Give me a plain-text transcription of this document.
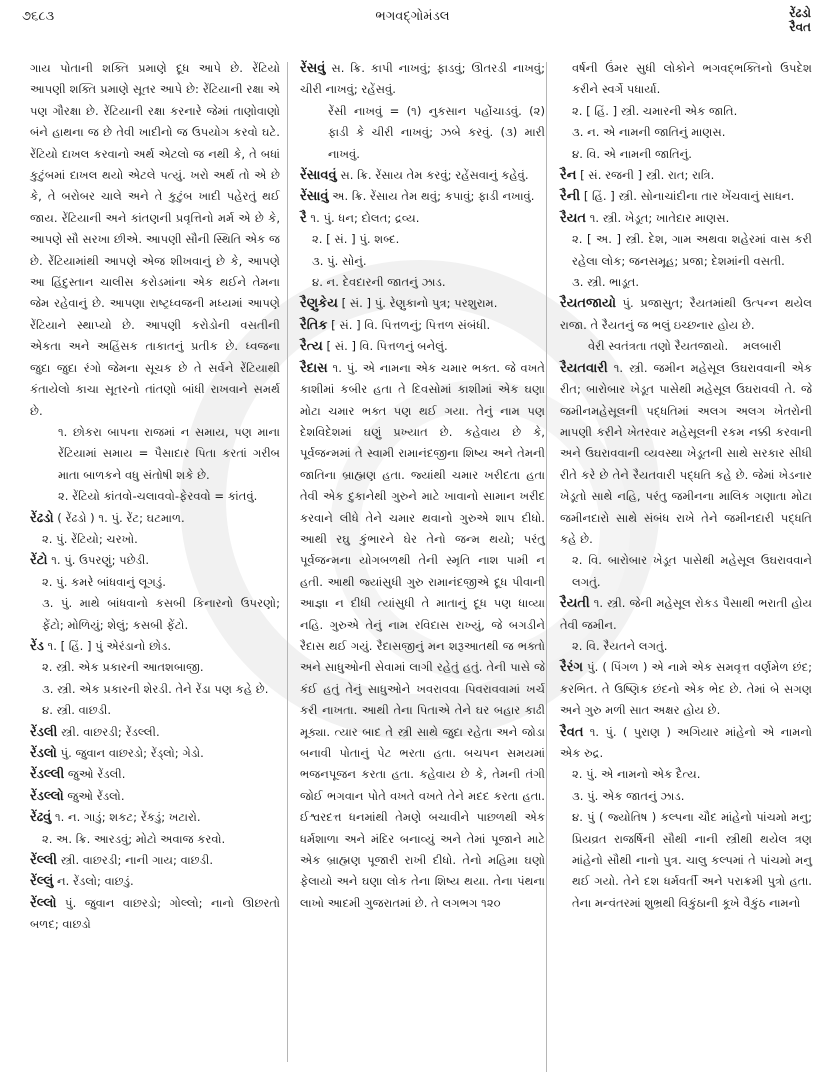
૭૬૮૩	ભગવદ્ગોમંડલ	રેંઢડો
રૈવત

ગાય પોતાની શક્તિ પ્રમાણે દૂધ આપે છે. રેંટિયો આપણી શક્તિ પ્રમાણે સૂતર આપે છે: રેંટિયાની રક્ષા એ પણ ગૌરક્ષા છે. રેંટિયાની રક્ષા કરનારે જેમાં તાણોવાણો બંને હાથના જ છે તેવી ખાદીનો જ ઉપયોગ કરવો ઘટે. રેંટિયો દાખલ કરવાનો અર્થ એટલો જ નથી કે, તે બધાં કુટુંબમાં દાખલ થયો એટલે પત્યું. ખરો અર્થ તો એ છે કે, તે બરોબર ચાલે અને તે કુટુંબ ખાદી પહેરતું થઈ જાય. રેંટિયાની અને કાંતણની પ્રવૃત્તિનો મર્મ એ છે કે, આપણે સૌ સરખા છીએ. આપણી સૌની સ્થિતિ એક જ છે. રેંટિયામાંથી આપણે એજ શીખવાનું છે કે, આપણે આ હિંદુસ્તાન ચાલીસ કરોડમાંના એક થઈને તેમના જેમ રહેવાનું છે. આપણા રાષ્ટ્રધ્વજની મધ્યમાં આપણે રેંટિયાને સ્થાપ્યો છે. આપણી કરોડોની વસતીની એકતા અને અહિંસક તાકાતનું પ્રતીક છે. ધ્વજના જુદા જુદા રંગો જેમના સૂચક છે તે સર્વને રેંટિયાથી કંતાયેલો કાચા સૂતરનો તાંતણો બાંધી રાખવાને સમર્થ છે.

૧. છોકરા બાપના રાજમાં ન સમાય, પણ માના રેંટિયામાં સમાય = પૈસાદાર પિતા કરતાં ગરીબ માતા બાળકને વધુ સંતોષી શકે છે.

૨. રેંટિયો કાંતવો-ચલાવવો-ફેરવવો = કાંતવું.

રેંઢડો ( રેંઢડો ) ૧. પું. રેંટ; ઘટમાળ.
૨. પું. રેંટિયો; ચરખો.
રેંટો ૧. પું. ઉપરણું; પછેડી.
૨. પું. કમરે બાંધવાનું લૂગડું.
૩. પું. માથે બાંધવાનો કસબી કિનારનો ઉપરણો; ફેંટો; મોળિયું; શેલું; કસબી ફેંટો.
રેંડ ૧. [ હિં. ] પું એરંડાનો છોડ.
૨. સ્ત્રી. એક પ્રકારની આતશબાજી.
૩. સ્ત્રી. એક પ્રકારની શેરડી. તેને રેંડા પણ કહે છે.
૪. સ્ત્રી. વાછડી.
રેંડલી સ્ત્રી. વાછરડી; રેંડલ્લી.
રેંડલો પું. જુવાન વાછરડો; રેંડ્લો; ગેડો.
રેંડલ્લી જુઓ રેંડલી.
રેંડલ્લો જુઓ રેંડલો.
રેંઢવું ૧. ન. ગાડું; શકટ; રેંકડું; ખટારો.
૨. અ. ક્રિ. આરડવું; મોટો અવાજ કરવો.
રેંલ્લી સ્ત્રી. વાછરડી; નાની ગાય; વાછડી.
રેંલ્લું ન. રેંડલો; વાછડું.
રેંલ્લો પું. જુવાન વાછરડો; ગોલ્લો; નાનો ઊછરતો બળદ; વાછડો
રેંસવું સ. ક્રિ. કાપી નાખવું; ફાડવું; ઊતરડી નાખવું; ચીરી નાખવું; રહેંસવું.
રેંસી નાખવું = (૧) નુકસાન પહોંચાડવું. (૨) ફાડી કે ચીરી નાખવું; ઝબે કરવું. (૩) મારી નાખવું.
રેંસાવવું સ. ક્રિ. રેંસાય તેમ કરવું; રહેંસવાનું કહેવું.
રેંસાવું અ. ક્રિ. રેંસાય તેમ થવું; કપાવું; ફાડી નખાવું.
રૈ ૧. પું. ધન; દોલત; દ્રવ્ય.
૨. [ સં. ] પું. શબ્દ.
૩. પું. સોનું.
૪. ન. દેવદારની જાતનું ઝાડ.
રૈણુકેય [ સં. ] પું. રેણુકાનો પુત્ર; પરશુરામ.
રૈતિક [ સં. ] વિ. પિત્તળનું; પિત્તળ સંબંધી.
રૈત્ય [ સં. ] વિ. પિત્તળનું બનેલું.
રૈદાસ ૧. પું. એ નામના એક ચમાર ભક્ત. જે વખતે કાશીમાં કબીર હતા તે દિવસોમાં કાશીમાં એક ઘણા મોટા ચમાર ભક્ત પણ થઈ ગયા. તેનું નામ પણ દેશવિદેશમાં ઘણું પ્રખ્યાત છે. કહેવાય છે કે, પૂર્વજન્મમાં તે સ્વામી રામાનંદજીના શિષ્ય અને તેમની જાતિના બ્રાહ્મણ હતા. જ્યાંથી ચમાર ખરીદતા હતા તેવી એક દુકાનેથી ગુરુને માટે ખાવાનો સામાન ખરીદ કરવાને લીધે તેને ચમાર થવાનો ગુરુએ શાપ દીધો. આથી રઘુ કુંભારને ઘેર તેનો જન્મ થયો; પરંતુ પૂર્વજન્મના યોગબળથી તેની સ્મૃતિ નાશ પામી ન હતી. આથી જ્યાંસુધી ગુરુ રામાનંદજીએ દૂધ પીવાની આજ્ઞા ન દીધી ત્યાંસુધી તે માતાનું દૂધ પણ ધાવ્યા નહિ. ગુરુએ તેનું નામ રવિદાસ રાખ્યું, જે બગડીને રૈદાસ થઈ ગયું. રૈદાસજીનું મન શરૂઆતથી જ ભક્તો અને સાધુઓની સેવામાં લાગી રહેતું હતું. તેની પાસે જે કંઈ હતું તેનું સાધુઓને ખવરાવવા પિવરાવવામાં ખર્ચ કરી નાખતા. આથી તેના પિતાએ તેને ઘર બહાર કાઢી મૂક્યા. ત્યાર બાદ તે સ્ત્રી સાથે જુદા રહેતા અને જોડા બનાવી પોતાનું પેટ ભરતા હતા. બચપન સમયમાં ભજનપૂજન કરતા હતા. કહેવાય છે કે, તેમની તંગી જોઈ ભગવાન પોતે વખતે વખતે તેને મદદ કરતા હતા. ઈશ્વરદત્ત ધનમાંથી તેમણે બચાવીને પાછળથી એક ધર્મશાળા અને મંદિર બનાવ્યું અને તેમાં પૂજાને માટે એક બ્રાહ્મણ પૂજારી રાખી દીધો. તેનો મહિમા ઘણો ફેલાયો અને ઘણા લોક તેના શિષ્ય થયા. તેના પંથના લાખો આદમી ગુજરાતમાં છે. તે લગભગ ૧૨૦
વર્ષની ઉંમર સુધી લોકોને ભગવદ્ભક્તિનો ઉપદેશ કરીને સ્વર્ગે પધાર્યા.
૨. [ હિં. ] સ્ત્રી. ચમારની એક જાતિ.
૩. ન. એ નામની જાતિનું માણસ.
૪. વિ. એ નામની જાતિનું.
રૈન [ સં. રજની ] સ્ત્રી. રાત; રાત્રિ.
રૈની [ હિં. ] સ્ત્રી. સોનાચાંદીના તાર ખેંચવાનું સાધન.
રૈયત ૧. સ્ત્રી. ખેડૂત; ખાતેદાર માણસ.
૨. [ અ. ] સ્ત્રી. દેશ, ગામ અથવા શહેરમાં વાસ કરી રહેલા લોક; જનસમૂહ; પ્રજા; દેશમાંની વસતી.
૩. સ્ત્રી. ભાડૂત.
રૈયતજાયો પું. પ્રજાસુત; રૈયતમાંથી ઉત્પન્ન થયેલ રાજા. તે રૈયતનું જ ભલું ઇચ્છનાર હોય છે.
વેરી સ્વતંત્રતા તણો રૈયતજાયો. મલબારી
રૈયતવારી ૧. સ્ત્રી. જમીન મહેસૂલ ઉઘરાવવાની એક રીત; બારોબાર ખેડૂત પાસેથી મહેસૂલ ઉઘરાવવી તે. જે જમીનમહેસૂલની પદ્ધતિમાં અલગ અલગ ખેતરોની માપણી કરીને ખેતરવાર મહેસૂલની રકમ નક્કી કરવાની અને ઉઘરાવવાની વ્યવસ્થા ખેડૂતની સાથે સરકાર સીધી રીતે કરે છે તેને રૈયતવારી પદ્ધતિ કહે છે. જેમાં ખેડનાર ખેડૂતો સાથે નહિ, પરંતુ જમીનના માલિક ગણાતા મોટા જમીનદારો સાથે સંબંધ રાખે તેને જમીનદારી પદ્ધતિ કહે છે.
૨. વિ. બારોબાર ખેડૂત પાસેથી મહેસૂલ ઉઘરાવવાને લગતું.
રૈયતી ૧. સ્ત્રી. જેની મહેસૂલ રોકડ પૈસાથી ભરાતી હોય તેવી જમીન.
૨. વિ. રૈયતને લગતું.
રૈરંગ પું. ( પિંગળ ) એ નામે એક સમવૃત્ત વર્ણમેળ છંદ; કરભિત. તે ઉષ્ણિક છંદનો એક ભેદ છે. તેમાં બે સગણ અને ગુરુ મળી સાત અક્ષર હોય છે.
રૈવત ૧. પું. ( પુરાણ ) અગિયાર માંહેનો એ નામનો એક રુદ્ર.
૨. પું. એ નામનો એક દૈત્ય.
૩. પું. એક જાતનું ઝાડ.
૪. પું ( જ્યોતિષ ) કલ્પના ચૌદ માંહેનો પાંચમો મનુ; પ્રિયવ્રત રાજર્ષિની સૌથી નાની સ્ત્રીથી થયેલ ત્રણ માંહેનો સૌથી નાનો પુત્ર. ચાલુ કલ્પમાં તે પાંચમો મનુ થઈ ગયો. તેને દશ ધર્મવર્તી અને પરાક્રમી પુત્રો હતા. તેના મન્વંતરમાં શુભ્રથી વિકુંઠાની કૂખે વૈકુંઠ નામનો
